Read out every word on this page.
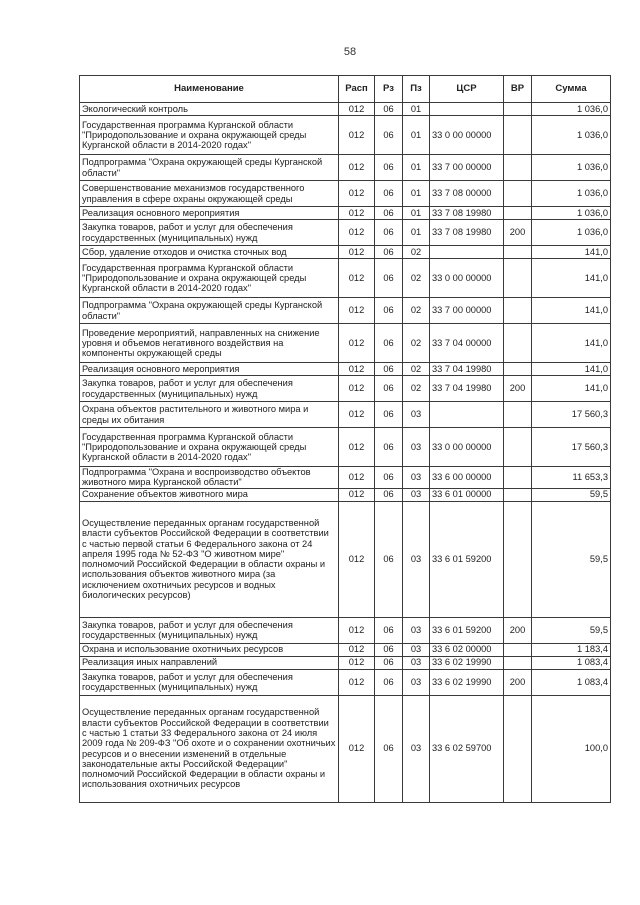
58
Наименование	Расп	Рз	Пз	ЦСР	ВР	Сумма
Экологический контроль	012	06	01			1 036,0
Государственная программа Курганской области "Природопользование и охрана окружающей среды Курганской области в 2014-2020 годах"	012	06	01	33 0 00 00000		1 036,0
Подпрограмма "Охрана окружающей среды Курганской области"	012	06	01	33 7 00 00000		1 036,0
Совершенствование механизмов государственного управления в сфере охраны окружающей среды	012	06	01	33 7 08 00000		1 036,0
Реализация основного мероприятия	012	06	01	33 7 08 19980		1 036,0
Закупка товаров, работ и услуг для обеспечения государственных (муниципальных) нужд	012	06	01	33 7 08 19980	200	1 036,0
Сбор, удаление отходов и очистка сточных вод	012	06	02			141,0
Государственная программа Курганской области "Природопользование и охрана окружающей среды Курганской области в 2014-2020 годах"	012	06	02	33 0 00 00000		141,0
Подпрограмма "Охрана окружающей среды Курганской области"	012	06	02	33 7 00 00000		141,0
Проведение мероприятий, направленных на снижение уровня и объемов негативного воздействия на компоненты окружающей среды	012	06	02	33 7 04 00000		141,0
Реализация основного мероприятия	012	06	02	33 7 04 19980		141,0
Закупка товаров, работ и услуг для обеспечения государственных (муниципальных) нужд	012	06	02	33 7 04 19980	200	141,0
Охрана объектов растительного и животного мира и среды их обитания	012	06	03			17 560,3
Государственная программа Курганской области "Природопользование и охрана окружающей среды Курганской области в 2014-2020 годах"	012	06	03	33 0 00 00000		17 560,3
Подпрограмма "Охрана и воспроизводство объектов животного мира Курганской области"	012	06	03	33 6 00 00000		11 653,3
Сохранение объектов животного мира	012	06	03	33 6 01 00000		59,5
Осуществление переданных органам государственной власти субъектов Российской Федерации в соответствии с частью первой статьи 6 Федерального закона от 24 апреля 1995 года № 52-ФЗ "О животном мире" полномочий Российской Федерации в области охраны и использования объектов животного мира (за исключением охотничьих ресурсов и водных биологических ресурсов)	012	06	03	33 6 01 59200		59,5
Закупка товаров, работ и услуг для обеспечения государственных (муниципальных) нужд	012	06	03	33 6 01 59200	200	59,5
Охрана и использование охотничьих ресурсов	012	06	03	33 6 02 00000		1 183,4
Реализация иных направлений	012	06	03	33 6 02 19990		1 083,4
Закупка товаров, работ и услуг для обеспечения государственных (муниципальных) нужд	012	06	03	33 6 02 19990	200	1 083,4
Осуществление переданных органам государственной власти субъектов Российской Федерации в соответствии с частью 1 статьи 33 Федерального закона от 24 июля 2009 года № 209-ФЗ "Об охоте и о сохранении охотничьих ресурсов и о внесении изменений в отдельные законодательные акты Российской Федерации" полномочий Российской Федерации в области охраны и использования охотничьих ресурсов	012	06	03	33 6 02 59700		100,0
